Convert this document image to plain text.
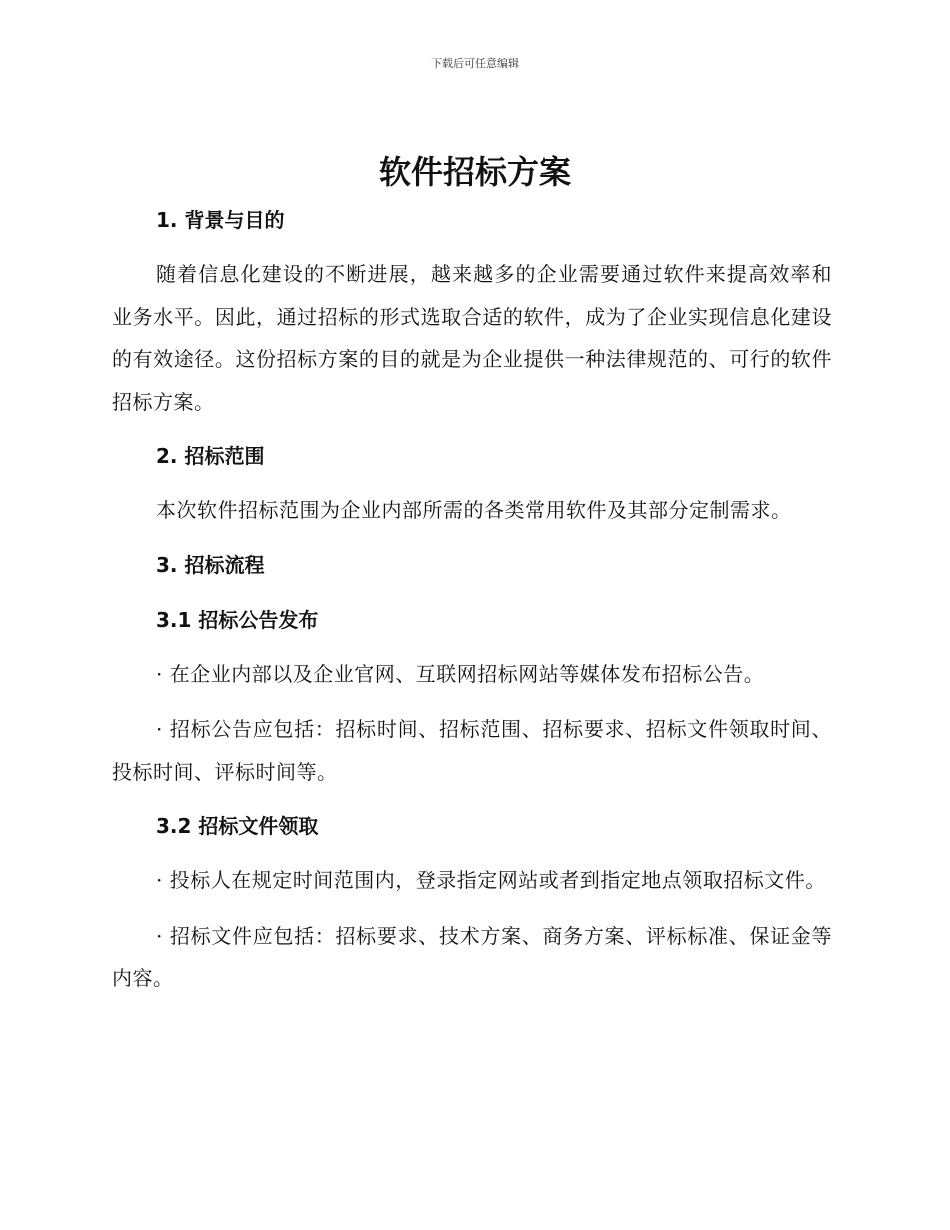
下载后可任意编辑
软件招标方案
1. 背景与目的

随着信息化建设的不断进展，越来越多的企业需要通过软件来提高效率和业务水平。因此，通过招标的形式选取合适的软件，成为了企业实现信息化建设的有效途径。这份招标方案的目的就是为企业提供一种法律规范的、可行的软件招标方案。

2. 招标范围

本次软件招标范围为企业内部所需的各类常用软件及其部分定制需求。

3. 招标流程
3.1 招标公告发布

· 在企业内部以及企业官网、互联网招标网站等媒体发布招标公告。

· 招标公告应包括：招标时间、招标范围、招标要求、招标文件领取时间、投标时间、评标时间等。

3.2 招标文件领取

· 投标人在规定时间范围内，登录指定网站或者到指定地点领取招标文件。

· 招标文件应包括：招标要求、技术方案、商务方案、评标标准、保证金等内容。
